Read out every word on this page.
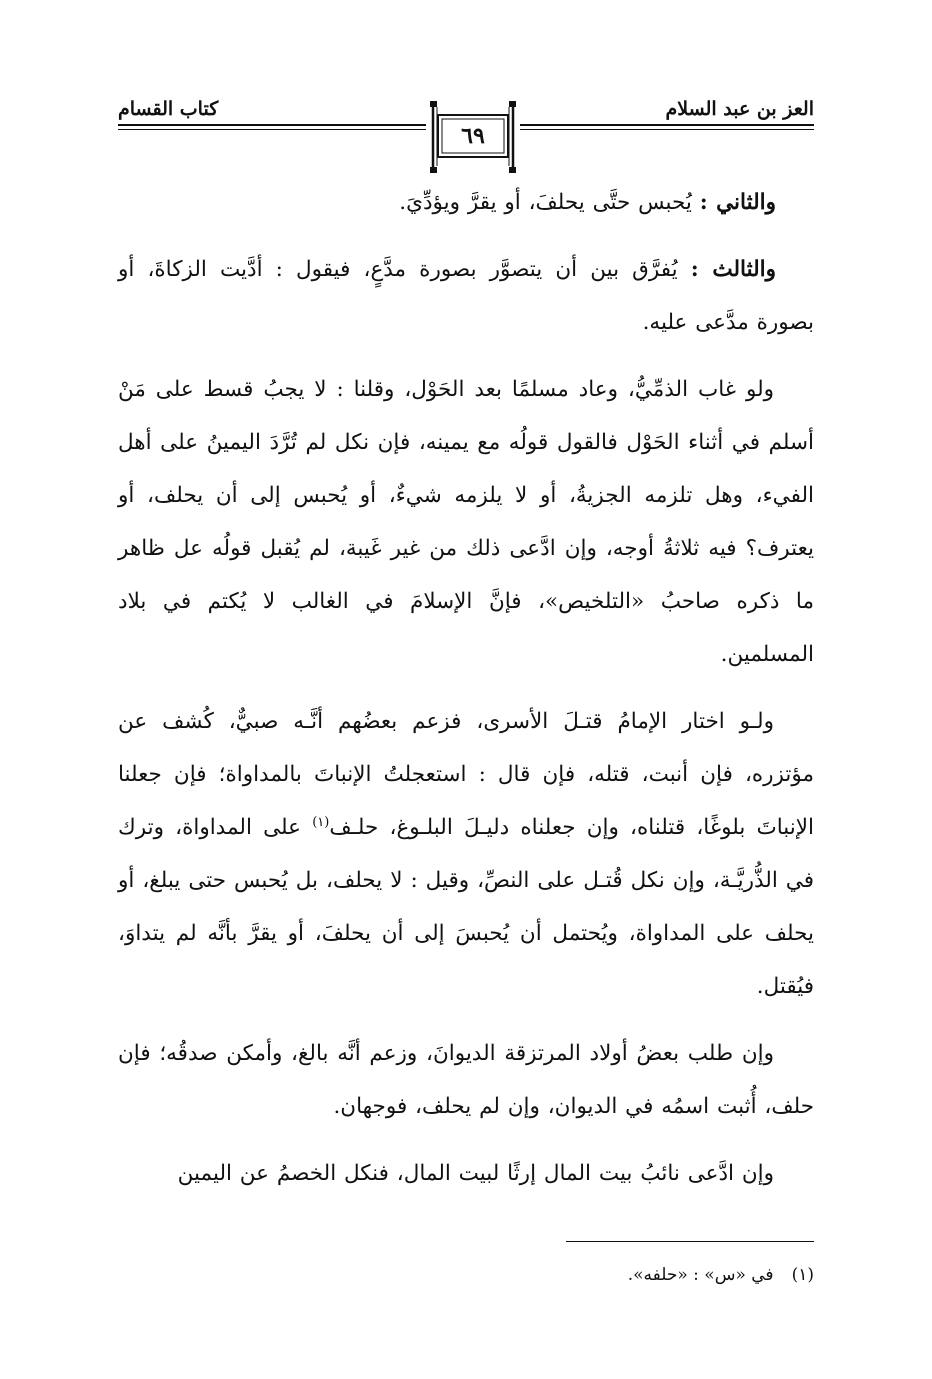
العز بن عبد السلام
كتاب القسام
٦٩

والثاني : يُحبس حتَّى يحلفَ، أو يقرَّ ويؤدِّيَ.

والثالث : يُفرَّق بين أن يتصوَّر بصورة مدَّعٍ، فيقول : أدَّيت الزكاةَ، أو بصورة مدَّعى عليه.

ولو غاب الذمِّيُّ، وعاد مسلمًا بعد الحَوْل، وقلنا : لا يجبُ قسط على مَنْ أسلم في أثناء الحَوْل فالقول قولُه مع يمينه، فإن نكل لم تُرَّدَ اليمينُ على أهل الفيء، وهل تلزمه الجزيةُ، أو لا يلزمه شيءٌ، أو يُحبس إلى أن يحلف، أو يعترف؟ فيه ثلاثةُ أوجه، وإن ادَّعى ذلك من غير غَيبة، لم يُقبل قولُه عل ظاهر ما ذكره صاحبُ «التلخيص»، فإنَّ الإسلامَ في الغالب لا يُكتم في بلاد المسلمين.

ولـو اختار الإمامُ قتـلَ الأسرى، فزعم بعضُهم أنَّـه صبيٌّ، كُشف عن مؤتزره، فإن أنبت، قتله، فإن قال : استعجلتُ الإنباتَ بالمداواة؛ فإن جعلنا الإنباتَ بلوغًا، قتلناه، وإن جعلناه دليـلَ البلـوغ، حلـف$^{(١)}$ على المداواة، وترك في الذُّريَّـة، وإن نكل قُتـل على النصِّ، وقيل : لا يحلف، بل يُحبس حتى يبلغ، أو يحلف على المداواة، ويُحتمل أن يُحبسَ إلى أن يحلفَ، أو يقرَّ بأنَّه لم يتداوَ، فيُقتل.

وإن طلب بعضُ أولاد المرتزقة الديوانَ، وزعم أنَّه بالغ، وأمكن صدقُه؛ فإن حلف، أُثبت اسمُه في الديوان، وإن لم يحلف، فوجهان.

وإن ادَّعى نائبُ بيت المال إرثًا لبيت المال، فنكل الخصمُ عن اليمين

(١)في «س» : «حلفه».
